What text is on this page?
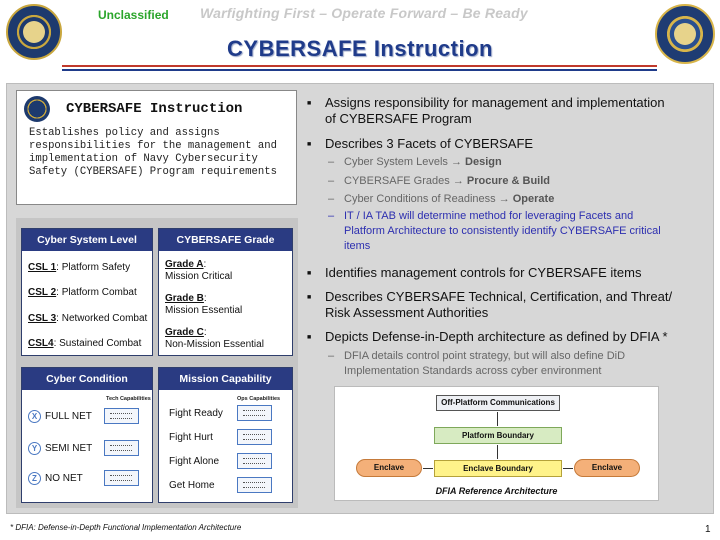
Unclassified Warfighting First – Operate Forward – Be Ready
CYBERSAFE Instruction
CYBERSAFE Instruction
Establishes policy and assigns responsibilities for the management and implementation of Navy Cybersecurity Safety (CYBERSAFE) Program requirements
Cyber System Level
CSL 1: Platform Safety
CSL 2: Platform Combat
CSL 3: Networked Combat
CSL4: Sustained Combat
CYBERSAFE Grade
Grade A:
Mission Critical
Grade B:
Mission Essential
Grade C:
Non-Mission Essential
Cyber Condition
Tech Capabilities
X FULL NET
Y SEMI NET
Z NO NET
Mission Capability
Ops Capabilities
Fight Ready
Fight Hurt
Fight Alone
Get Home
■ Assigns responsibility for management and implementation
of CYBERSAFE Program
■ Describes 3 Facets of CYBERSAFE
– Cyber System Levels → Design
– CYBERSAFE Grades → Procure & Build
– Cyber Conditions of Readiness → Operate
– IT / IA TAB will determine method for leveraging Facets and
Platform Architecture to consistently identify CYBERSAFE critical
items
■ Identifies management controls for CYBERSAFE items
■ Describes CYBERSAFE Technical, Certification, and Threat/
Risk Assessment Authorities
■ Depicts Defense-in-Depth architecture as defined by DFIA *
– DFIA details control point strategy, but will also define DiD
Implementation Standards across cyber environment
Off-Platform Communications
Platform Boundary
Enclave	Enclave Boundary	Enclave
DFIA Reference Architecture
* DFIA: Defense-in-Depth Functional Implementation Architecture	1
